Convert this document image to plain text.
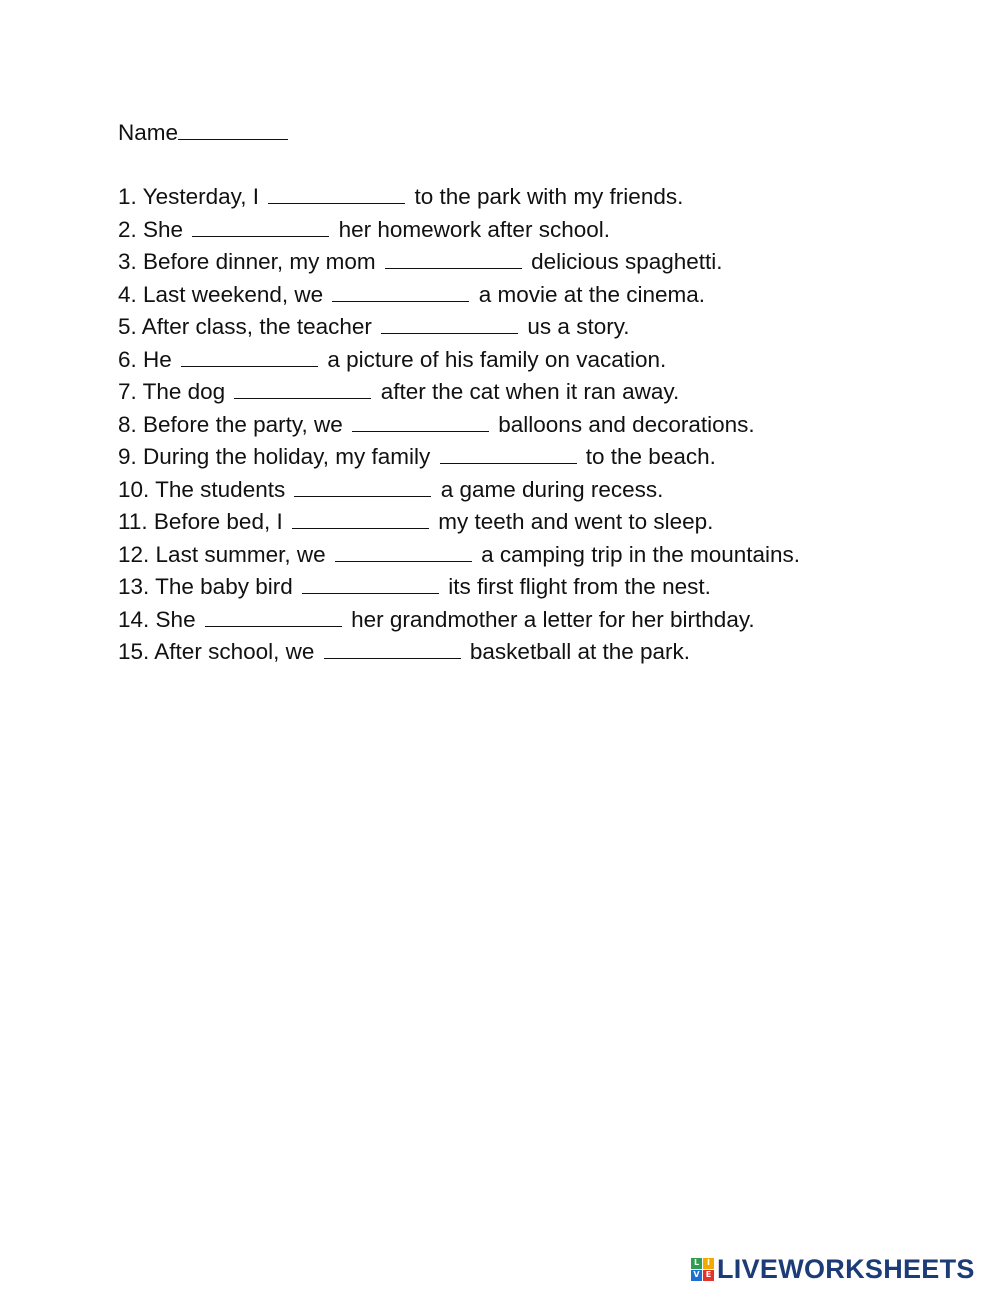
Name
1. Yesterday, I	to the park with my friends.
2. She	her homework after school.
3. Before dinner, my mom	delicious spaghetti.
4. Last weekend, we	a movie at the cinema.
5. After class, the teacher	us a story.
6. He	a picture of his family on vacation.
7. The dog	after the cat when it ran away.
8. Before the party, we	balloons and decorations.
9. During the holiday, my family	to the beach.
10. The students	a game during recess.
11. Before bed, I	my teeth and went to sleep.
12. Last summer, we	a camping trip in the mountains.
13. The baby bird	its first flight from the nest.
14. She	her grandmother a letter for her birthday.
15. After school, we	basketball at the park.
L I
V E LIVEWORKSHEETS
